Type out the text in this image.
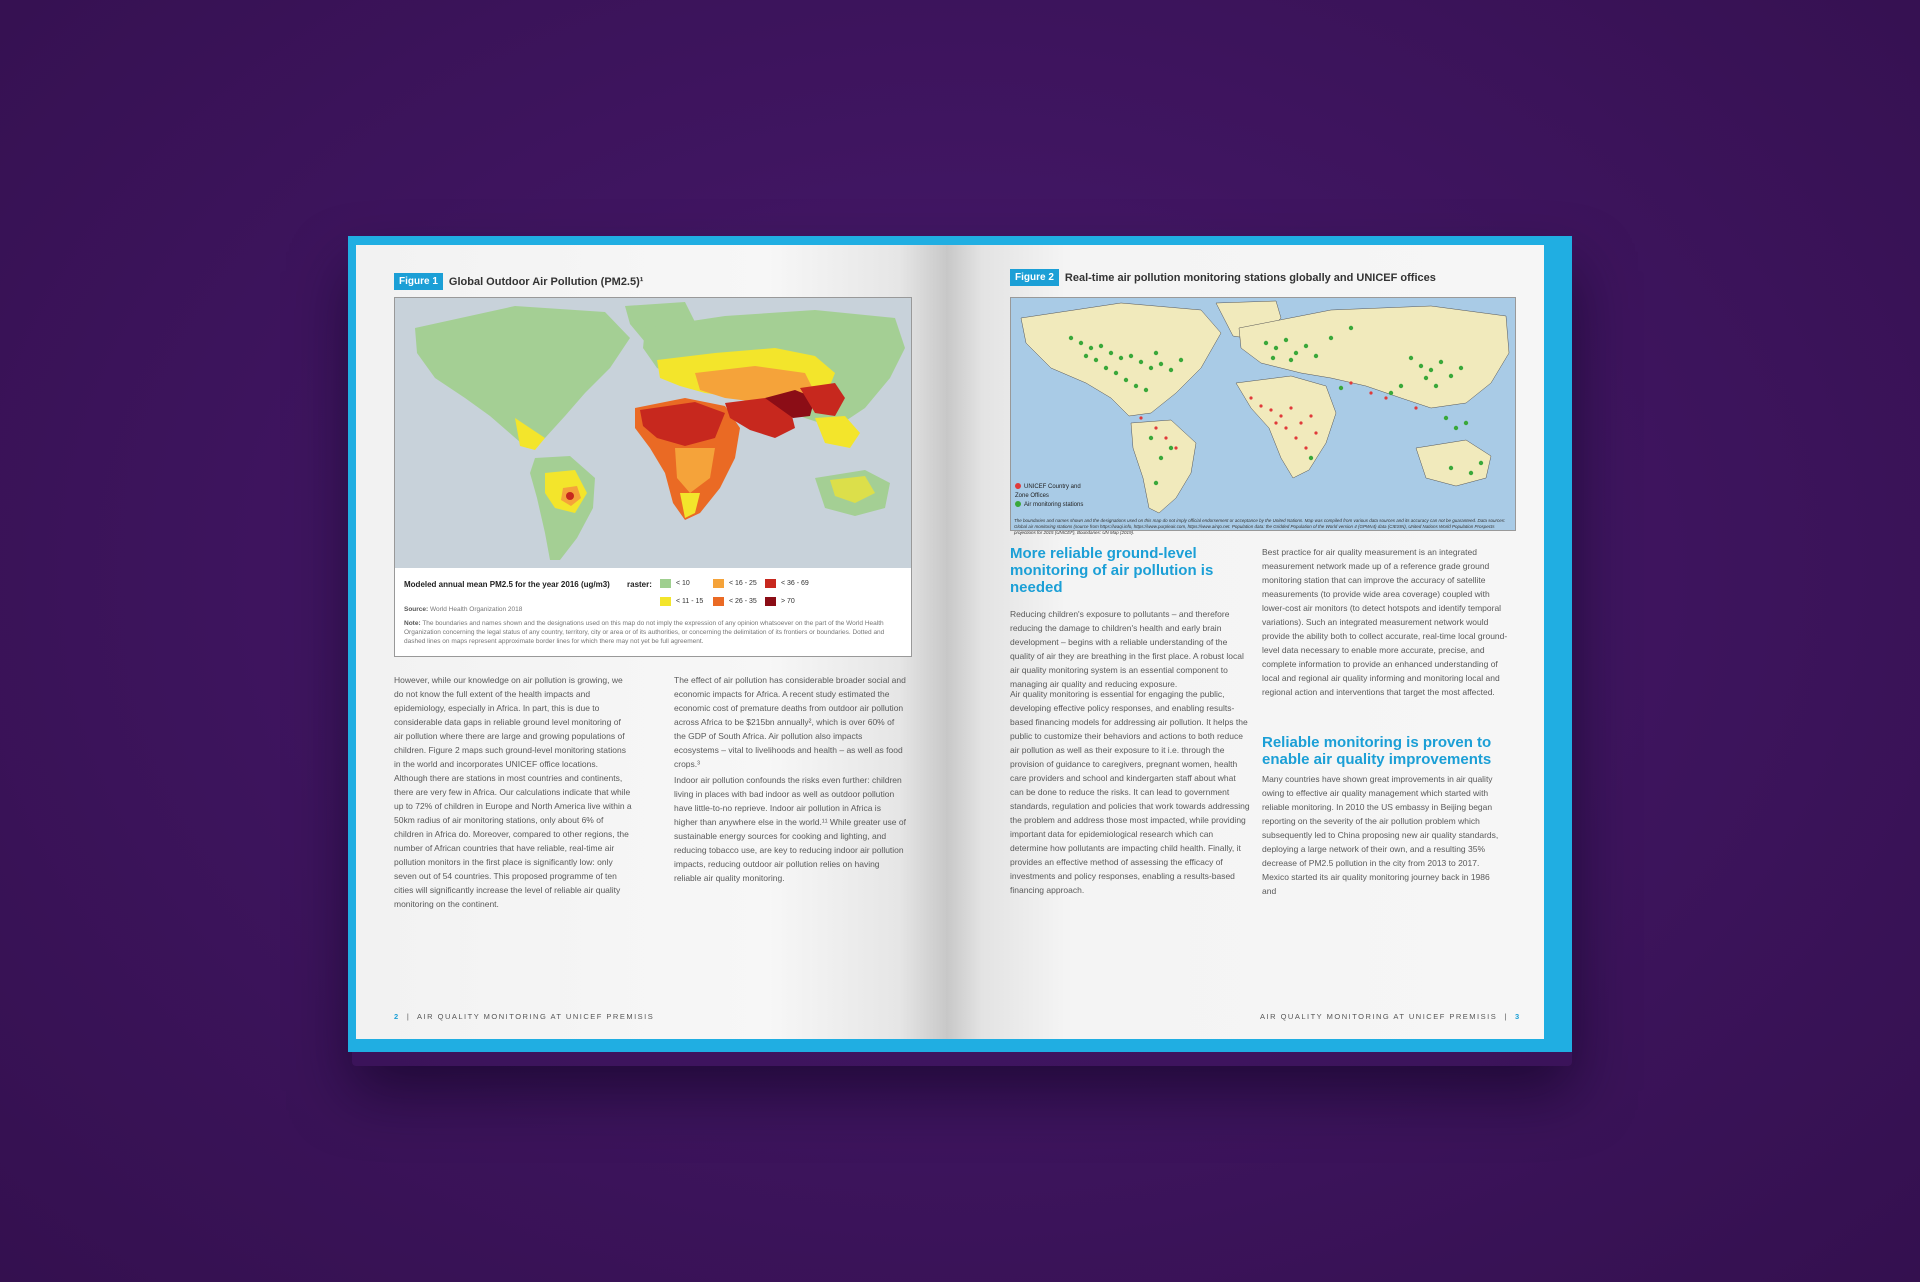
Figure 1	Global Outdoor Air Pollution (PM2.5)¹
Modeled annual mean PM2.5 for the year 2016 (ug/m3) raster:	< 10	< 16 - 25	< 36 - 69
< 11 - 15	< 26 - 35	> 70
Source: World Health Organization 2018
Note: The boundaries and names shown and the designations used on this map do not imply the expression of any opinion whatsoever on the part of the World Health Organization concerning the legal status of any country, territory, city or area or of its authorities, or concerning the delimitation of its frontiers or boundaries. Dotted and dashed lines on maps represent approximate border lines for which there may not yet be full agreement.
However, while our knowledge on air pollution is growing, we do not know the full extent of the health impacts and epidemiology, especially in Africa. In part, this is due to considerable data gaps in reliable ground level monitoring of air pollution where there are large and growing populations of children. Figure 2 maps such ground-level monitoring stations in the world and incorporates UNICEF office locations. Although there are stations in most countries and continents, there are very few in Africa. Our calculations indicate that while up to 72% of children in Europe and North America live within a 50km radius of air monitoring stations, only about 6% of children in Africa do. Moreover, compared to other regions, the number of African countries that have reliable, real-time air pollution monitors in the first place is significantly low: only seven out of 54 countries. This proposed programme of ten cities will significantly increase the level of reliable air quality monitoring on the continent.
The effect of air pollution has considerable broader social and economic impacts for Africa. A recent study estimated the economic cost of premature deaths from outdoor air pollution across Africa to be $215bn annually², which is over 60% of the GDP of South Africa. Air pollution also impacts ecosystems – vital to livelihoods and health – as well as food crops.³
Indoor air pollution confounds the risks even further: children living in places with bad indoor as well as outdoor pollution have little-to-no reprieve. Indoor air pollution in Africa is higher than anywhere else in the world.¹¹ While greater use of sustainable energy sources for cooking and lighting, and reducing tobacco use, are key to reducing indoor air pollution impacts, reducing outdoor air pollution relies on having reliable air quality monitoring.
2  |  AIR QUALITY MONITORING AT UNICEF PREMISIS
Figure 2	Real-time air pollution monitoring stations globally and UNICEF offices
UNICEF Country and Zone Offices
Air monitoring stations
The boundaries and names shown and the designations used on this map do not imply official endorsement or acceptance by the United Nations. Map was compiled from various data sources and its accuracy can not be guaranteed. Data sources: Global air monitoring stations (source from https://waqi.info, https://www.purpleair.com, https://www.airqo.net. Population data: the Gridded Population of the World version 4 (GPWv4) data (CIESIN), United Nations World Population Prospects projections for 2015 (UNICEF), Boundaries: UN Map (2019).
More reliable ground-level monitoring of air pollution is needed
Reducing children's exposure to pollutants – and therefore reducing the damage to children's health and early brain development – begins with a reliable understanding of the quality of air they are breathing in the first place. A robust local air quality monitoring system is an essential component to managing air quality and reducing exposure.
Air quality monitoring is essential for engaging the public, developing effective policy responses, and enabling results-based financing models for addressing air pollution. It helps the public to customize their behaviors and actions to both reduce air pollution as well as their exposure to it i.e. through the provision of guidance to caregivers, pregnant women, health care providers and school and kindergarten staff about what can be done to reduce the risks. It can lead to government standards, regulation and policies that work towards addressing the problem and address those most impacted, while providing important data for epidemiological research which can determine how pollutants are impacting child health. Finally, it provides an effective method of assessing the efficacy of investments and policy responses, enabling a results-based financing approach.
Best practice for air quality measurement is an integrated measurement network made up of a reference grade ground monitoring station that can improve the accuracy of satellite measurements (to provide wide area coverage) coupled with lower-cost air monitors (to detect hotspots and identify temporal variations). Such an integrated measurement network would provide the ability both to collect accurate, real-time local ground-level data necessary to enable more accurate, precise, and complete information to provide an enhanced understanding of local and regional air quality informing and monitoring local and regional action and interventions that target the most affected.
Reliable monitoring is proven to enable air quality improvements
Many countries have shown great improvements in air quality owing to effective air quality management which started with reliable monitoring. In 2010 the US embassy in Beijing began reporting on the severity of the air pollution problem which subsequently led to China proposing new air quality standards, deploying a large network of their own, and a resulting 35% decrease of PM2.5 pollution in the city from 2013 to 2017. Mexico started its air quality monitoring journey back in 1986 and
AIR QUALITY MONITORING AT UNICEF PREMISIS  |  3
